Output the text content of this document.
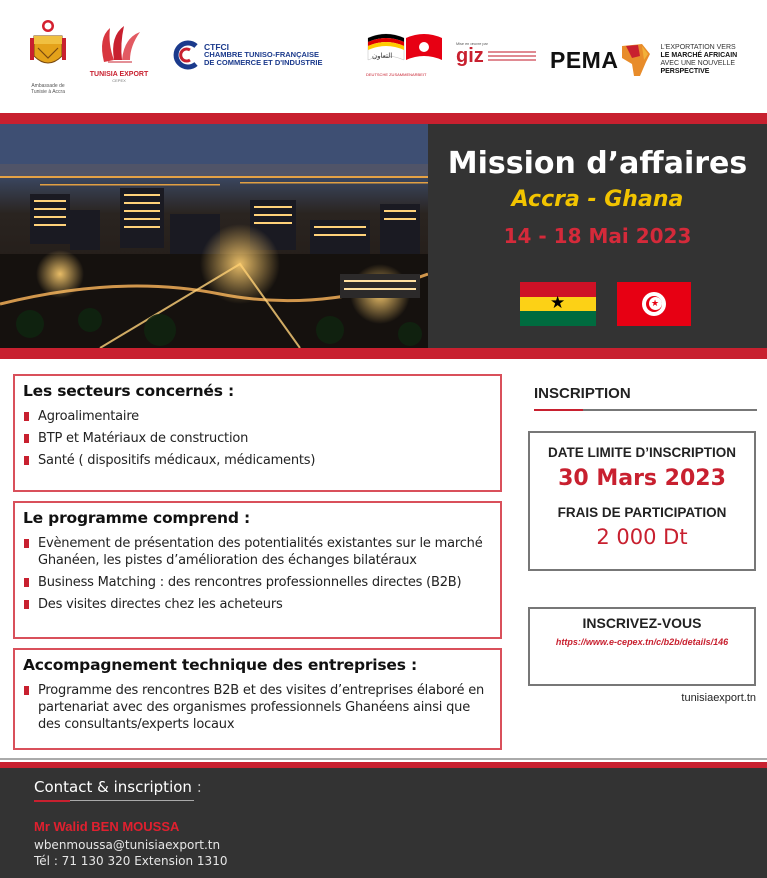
Ambassade de Tunisie à Accra
TUNISIA EXPORT
CEPEX
CTFCI
CHAMBRE TUNISO-FRANÇAISE
DE COMMERCE ET D'INDUSTRIE
التعاون
DEUTSCHE ZUSAMMENARBEIT
Mise en œuvre par
giz	PEMA	L'EXPORTATION VERS
LE MARCHÉ AFRICAIN
AVEC UNE NOUVELLE
PERSPECTIVE
Mission d’affaires
Accra - Ghana
14 - 18 Mai 2023
★	★
Les secteurs concernés :
Agroalimentaire
BTP et Matériaux de construction
Santé ( dispositifs médicaux, médicaments)
Le programme comprend :
Evènement de présentation des potentialités existantes sur le marché Ghanéen, les pistes d’amélioration des échanges bilatéraux
Business Matching : des rencontres professionnelles directes (B2B)
Des visites directes chez les acheteurs
Accompagnement technique des entreprises :
Programme des rencontres B2B et des visites d’entreprises élaboré en partenariat avec des organismes professionnels Ghanéens ainsi que des consultants/experts locaux
INSCRIPTION
DATE LIMITE D’INSCRIPTION
30 Mars 2023
FRAIS DE PARTICIPATION
2 000 Dt
INSCRIVEZ-VOUS
https://www.e-cepex.tn/c/b2b/details/146
tunisiaexport.tn
Contact & inscription :
Mr Walid BEN MOUSSA
wbenmoussa@tunisiaexport.tn
Tél : 71 130 320 Extension 1310
